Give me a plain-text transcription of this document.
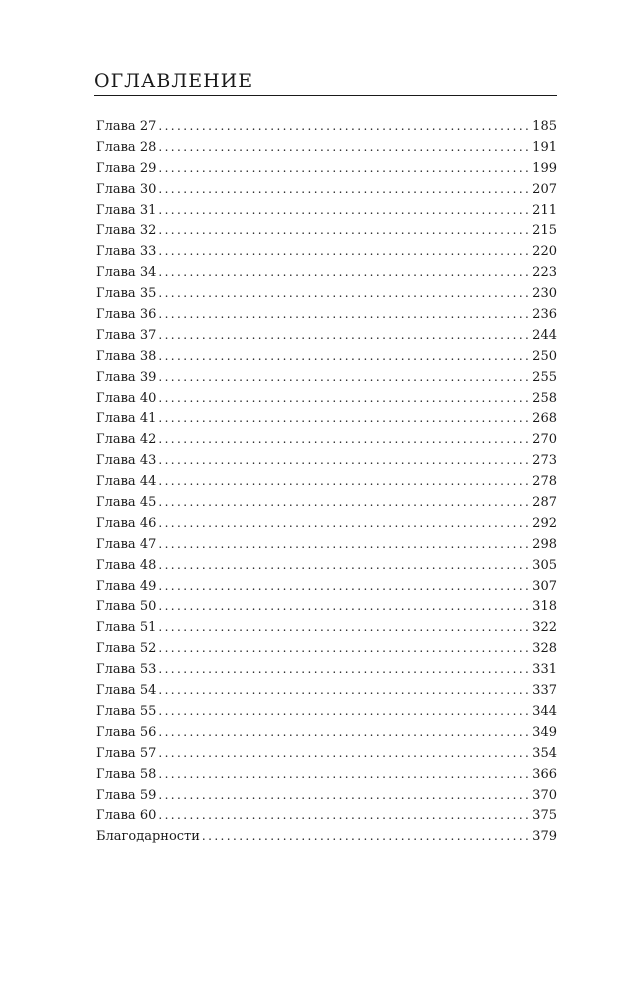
ОГЛАВЛЕНИЕ
Глава 27 .....	185
Глава 28 .....	191
Глава 29 .....	199
Глава 30 .....	207
Глава 31 .....	211
Глава 32 .....	215
Глава 33 .....	220
Глава 34 .....	223
Глава 35 .....	230
Глава 36 .....	236
Глава 37 .....	244
Глава 38 .....	250
Глава 39 .....	255
Глава 40 .....	258
Глава 41 .....	268
Глава 42 .....	270
Глава 43 .....	273
Глава 44 .....	278
Глава 45 .....	287
Глава 46 .....	292
Глава 47 .....	298
Глава 48 .....	305
Глава 49 .....	307
Глава 50 .....	318
Глава 51 .....	322
Глава 52 .....	328
Глава 53 .....	331
Глава 54 .....	337
Глава 55 .....	344
Глава 56 .....	349
Глава 57 .....	354
Глава 58 .....	366
Глава 59 .....	370
Глава 60 .....	375
Благодарности .....	379
